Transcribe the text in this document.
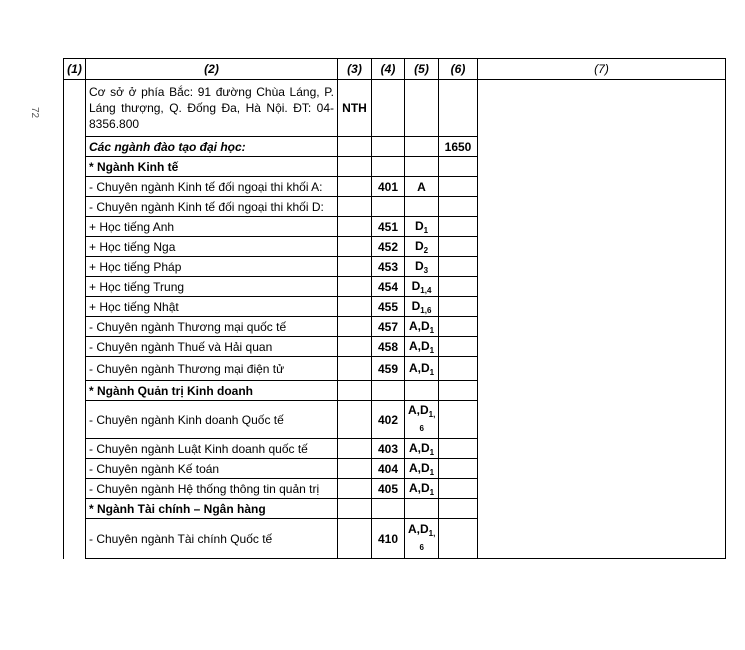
72
(1)	(2)	(3)	(4)	(5)	(6)	(7)
	Cơ sở ở phía Bắc: 91 đường Chùa Láng, P. Láng thượng, Q. Đống Đa, Hà Nội. ĐT: 04-8356.800	NTH				
	Các ngành đào tạo đại học:				1650	
	* Ngành Kinh tế					
	- Chuyên ngành Kinh tế đối ngoại thi khối A:		401	A		
	- Chuyên ngành Kinh tế đối ngoại thi khối D:					
	+ Học tiếng Anh		451	$D_1$	
	+ Học tiếng Nga		452	$D_2$	
	+ Học tiếng Pháp		453	$D_3$	
	+ Học tiếng Trung		454	$D_{1,4}$	
	+ Học tiếng Nhật		455	$D_{1,6}$	
	- Chuyên ngành Thương mại quốc tế		457	$A,D_1$	
	- Chuyên ngành Thuế và Hải quan		458	$A,D_1$	
	- Chuyên ngành Thương mại điện tử		459	$A,D_1$	
	* Ngành Quản trị Kinh doanh					
	- Chuyên ngành Kinh doanh Quốc tế		402	$A,D_{1,}$
6		

	- Chuyên ngành Luật Kinh doanh quốc tế		403	$A,D_1$	
	- Chuyên ngành Kế toán		404	$A,D_1$	
	- Chuyên ngành Hệ thống thông tin quản trị		405	$A,D_1$	
	* Ngành Tài chính – Ngân hàng					
	- Chuyên ngành Tài chính Quốc tế		410	$A,D_{1,}$
6		
